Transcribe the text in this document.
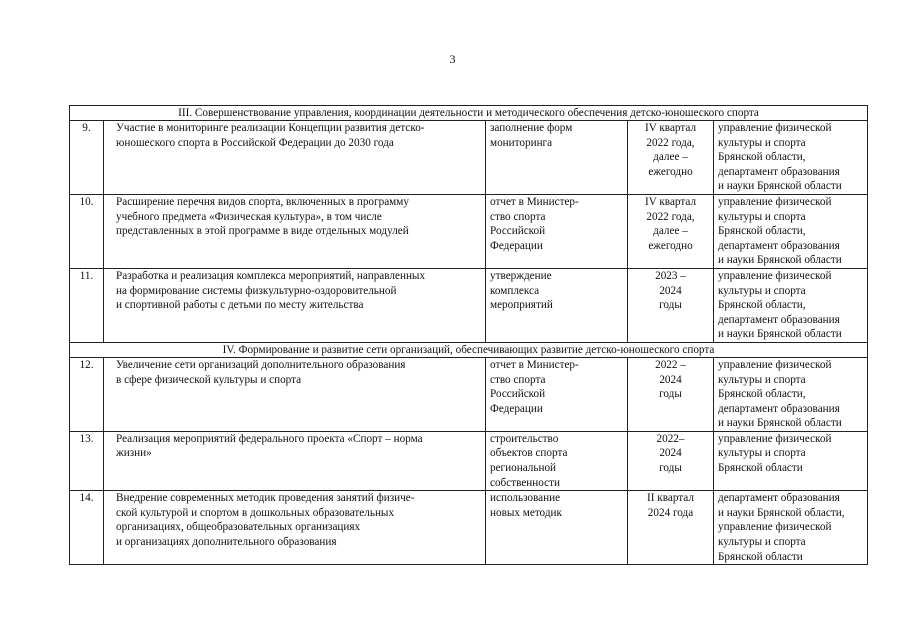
3
III. Совершенствование управления, координации деятельности и методического обеспечения детско-юношеского спорта				
9.	Участие в мониторинге реализации Концепции развития детско-
юношеского спорта в Российской Федерации до 2030 года	заполнение форм
мониторинга	IV квартал
2022 года,
далее –
ежегодно	управление физической
культуры и спорта
Брянской области,
департамент образования
и науки Брянской области
10.	Расширение перечня видов спорта, включенных в программу
учебного предмета «Физическая культура», в том числе
представленных в этой программе в виде отдельных модулей	отчет в Министер-
ство спорта
Российской
Федерации	IV квартал
2022 года,
далее –
ежегодно	управление физической
культуры и спорта
Брянской области,
департамент образования
и науки Брянской области
11.	Разработка и реализация комплекса мероприятий, направленных
на формирование системы физкультурно-оздоровительной
и спортивной работы с детьми по месту жительства	утверждение
комплекса
мероприятий	2023 –
2024
годы	управление физической
культуры и спорта
Брянской области,
департамент образования
и науки Брянской области
IV. Формирование и развитие сети организаций, обеспечивающих развитие детско-юношеского спорта				
12.	Увеличение сети организаций дополнительного образования
в сфере физической культуры и спорта	отчет в Министер-
ство спорта
Российской
Федерации	2022 –
2024
годы	управление физической
культуры и спорта
Брянской области,
департамент образования
и науки Брянской области
13.	Реализация мероприятий федерального проекта «Спорт – норма
жизни»	строительство
объектов спорта
региональной
собственности	2022–
2024
годы	управление физической
культуры и спорта
Брянской области
14.	Внедрение современных методик проведения занятий физиче-
ской культурой и спортом в дошкольных образовательных
организациях, общеобразовательных организациях
и организациях дополнительного образования	использование
новых методик	II квартал
2024 года	департамент образования
и науки Брянской области,
управление физической
культуры и спорта
Брянской области
